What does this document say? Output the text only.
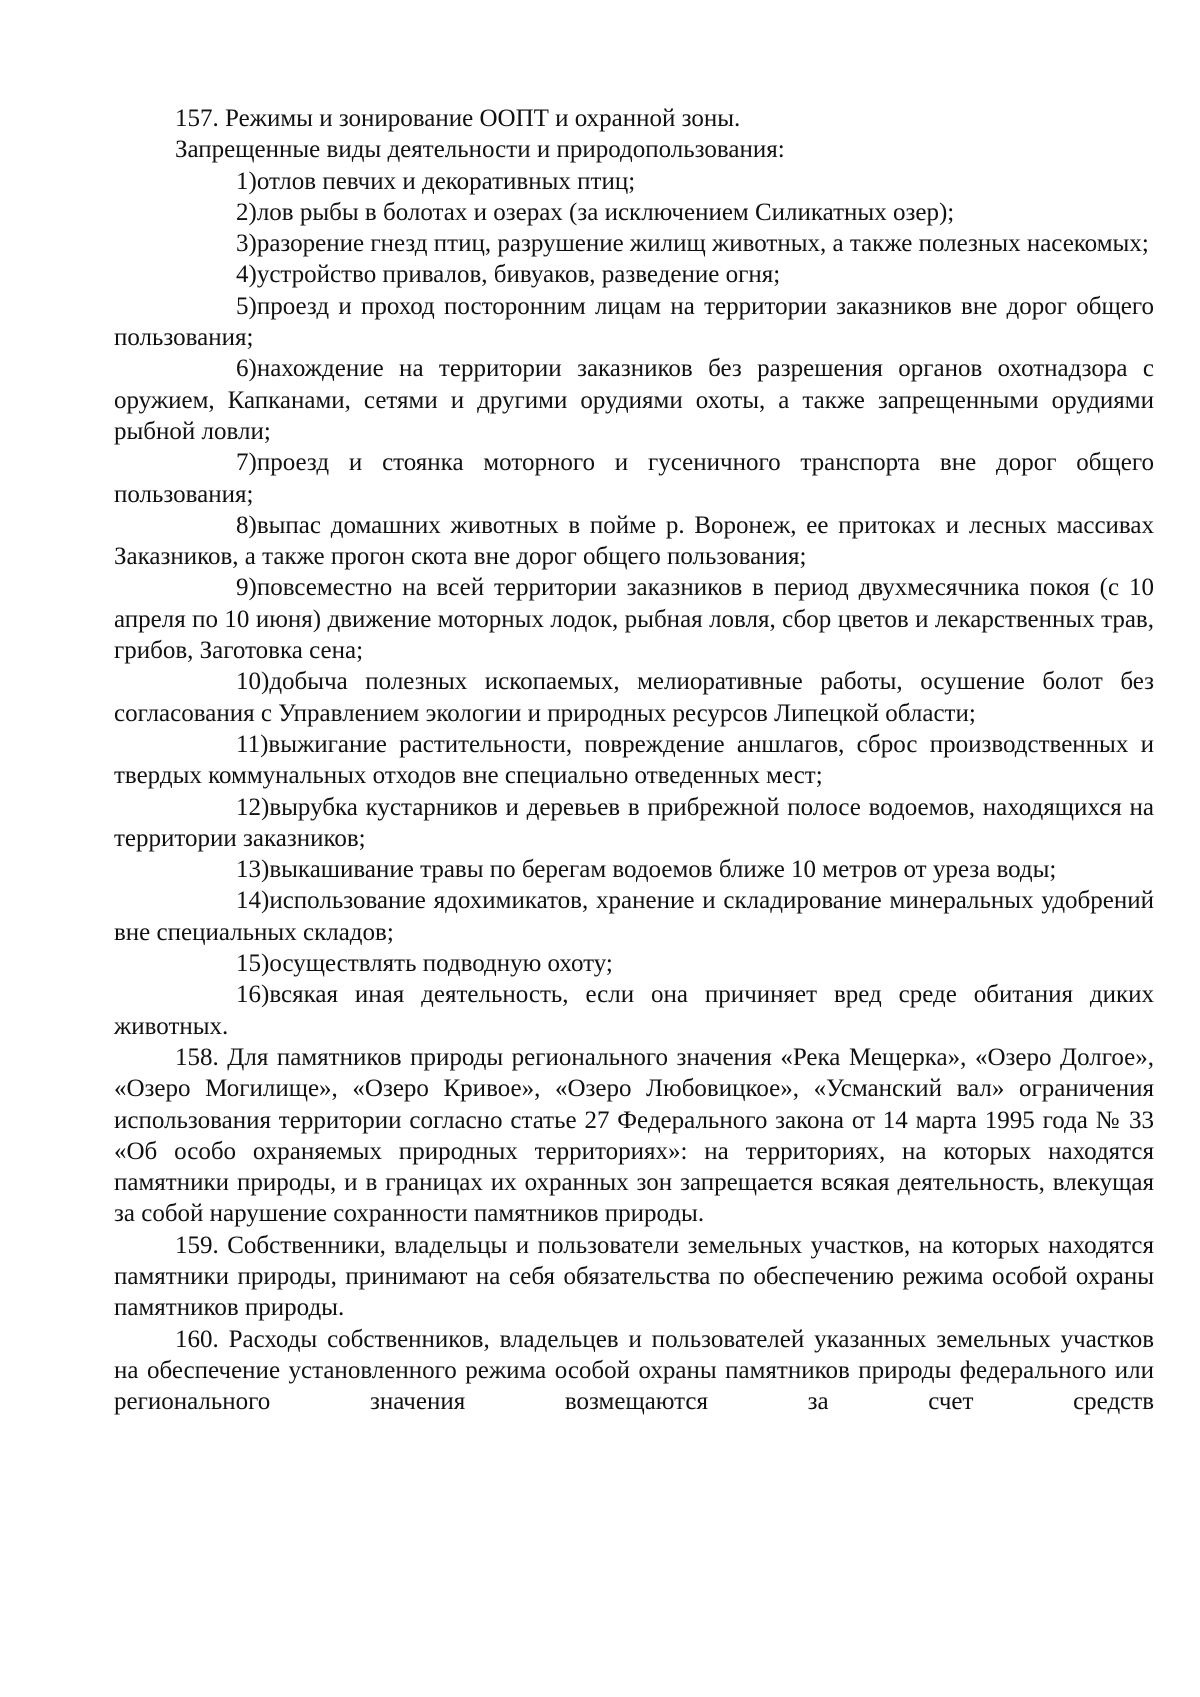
157. Режимы и зонирование ООПТ и охранной зоны.

Запрещенные виды деятельности и природопользования:

1)отлов певчих и декоративных птиц;

2)лов рыбы в болотах и озерах (за исключением Силикатных озер);

3)разорение гнезд птиц, разрушение жилищ животных, а также полезных насекомых;

4)устройство привалов, бивуаков, разведение огня;

5)проезд и проход посторонним лицам на территории заказников вне дорог общего пользования;

6)нахождение на территории заказников без разрешения органов охотнадзора с оружием, Капканами, сетями и другими орудиями охоты, а также запрещенными орудиями рыбной ловли;

7)проезд и стоянка моторного и гусеничного транспорта вне дорог общего пользования;

8)выпас домашних животных в пойме р. Воронеж, ее притоках и лесных массивах Заказников, а также прогон скота вне дорог общего пользования;

9)повсеместно на всей территории заказников в период двухмесячника покоя (с 10 апреля по 10 июня) движение моторных лодок, рыбная ловля, сбор цветов и лекарственных трав, грибов, Заготовка сена;

10)добыча полезных ископаемых, мелиоративные работы, осушение болот без согласования с Управлением экологии и природных ресурсов Липецкой области;

11)выжигание растительности, повреждение аншлагов, сброс производственных и твердых коммунальных отходов вне специально отведенных мест;

12)вырубка кустарников и деревьев в прибрежной полосе водоемов, находящихся на территории заказников;

13)выкашивание травы по берегам водоемов ближе 10 метров от уреза воды;

14)использование ядохимикатов, хранение и складирование минеральных удобрений вне специальных складов;

15)осуществлять подводную охоту;

16)всякая иная деятельность, если она причиняет вред среде обитания диких животных.

158. Для памятников природы регионального значения «Река Мещерка», «Озеро Долгое», «Озеро Могилище», «Озеро Кривое», «Озеро Любовицкое», «Усманский вал» ограничения использования территории согласно статье 27 Федерального закона от 14 марта 1995 года № 33 «Об особо охраняемых природных территориях»: на территориях, на которых находятся памятники природы, и в границах их охранных зон запрещается всякая деятельность, влекущая за собой нарушение сохранности памятников природы.

159. Собственники, владельцы и пользователи земельных участков, на которых находятся памятники природы, принимают на себя обязательства по обеспечению режима особой охраны памятников природы.

160. Расходы собственников, владельцев и пользователей указанных земельных участков на обеспечение установленного режима особой охраны памятников природы федерального или регионального значения возмещаются за счет средств
